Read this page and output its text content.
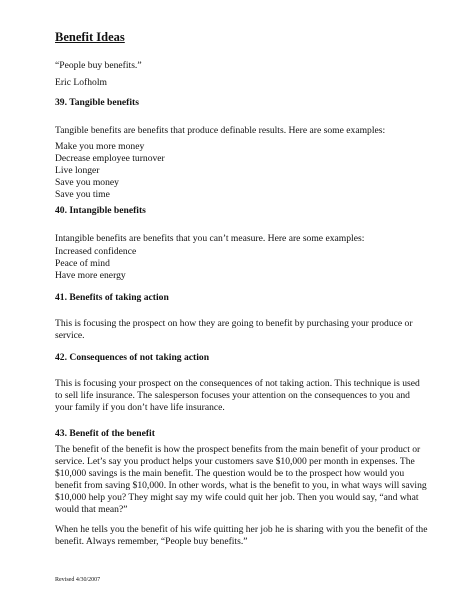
Benefit Ideas
“People buy benefits.”
Eric Lofholm
39. Tangible benefits
Tangible benefits are benefits that produce definable results. Here are some examples:
Make you more money
Decrease employee turnover
Live longer
Save you money
Save you time
40. Intangible benefits
Intangible benefits are benefits that you can’t measure. Here are some examples:
Increased confidence
Peace of mind
Have more energy
41. Benefits of taking action
This is focusing the prospect on how they are going to benefit by purchasing your produce or
service.
42. Consequences of not taking action
This is focusing your prospect on the consequences of not taking action. This technique is used
to sell life insurance. The salesperson focuses your attention on the consequences to you and
your family if you don’t have life insurance.
43. Benefit of the benefit
The benefit of the benefit is how the prospect benefits from the main benefit of your product or
service. Let’s say you product helps your customers save $10,000 per month in expenses. The
$10,000 savings is the main benefit. The question would be to the prospect how would you
benefit from saving $10,000. In other words, what is the benefit to you, in what ways will saving
$10,000 help you? They might say my wife could quit her job. Then you would say, “and what
would that mean?”
When he tells you the benefit of his wife quitting her job he is sharing with you the benefit of the
benefit. Always remember, “People buy benefits.”
Revised 4/30/2007
